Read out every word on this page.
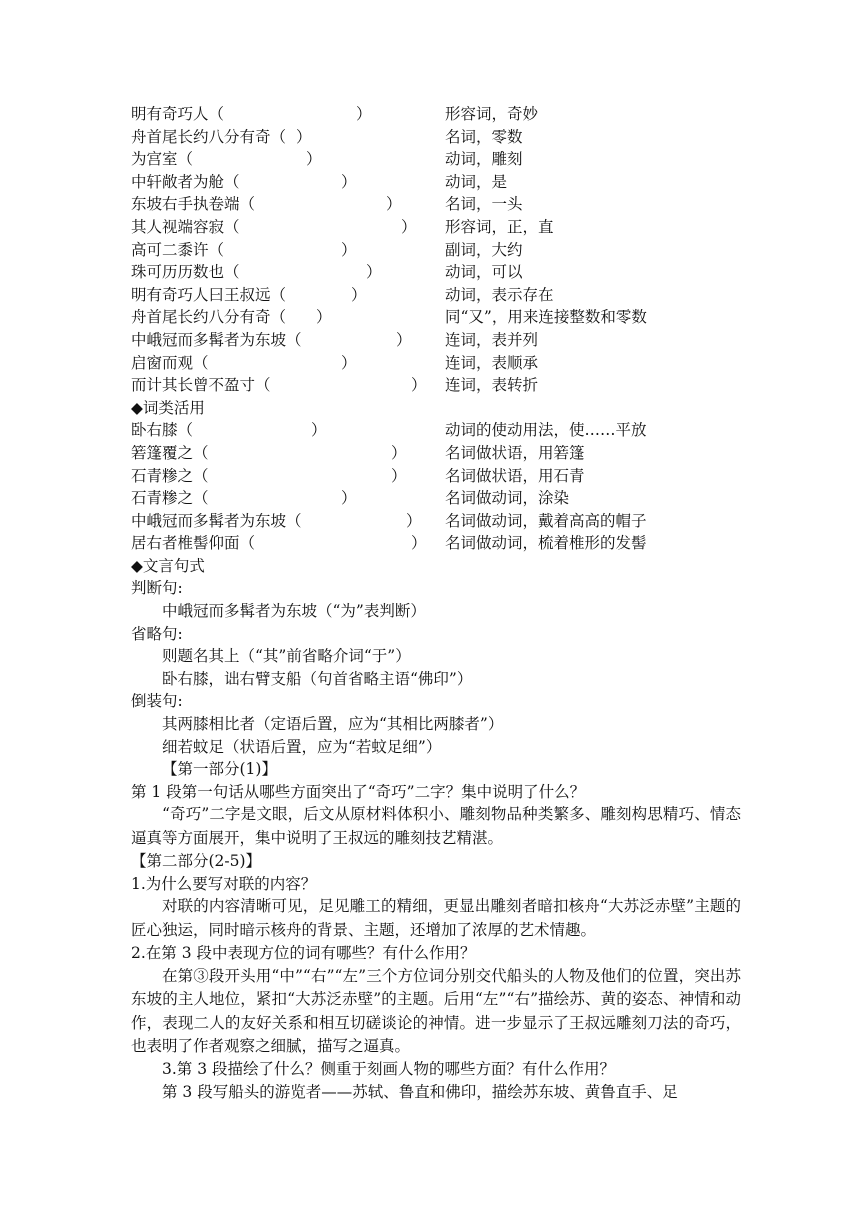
明有奇巧人（	）	形容词，奇妙
舟首尾长约八分有奇（ ）	名词，零数
为宫室（	）	动词，雕刻
中轩敞者为舱（	）	动词，是
东坡右手执卷端（	）	名词，一头
其人视端容寂（	） 形容词，正，直
高可二黍许（	）	副词，大约
珠可历历数也（	）	动词，可以
明有奇巧人曰王叔远（	）	动词，表示存在
舟首尾长约八分有奇（ ）	同“又”，用来连接整数和零数
中峨冠而多髯者为东坡（	） 连词，表并列
启窗而观（	）	连词，表顺承
而计其长曾不盈寸（	） 连词，表转折
◆词类活用
卧右膝（	）	动词的使动用法，使……平放
箬篷覆之（	） 名词做状语，用箬篷
石青糁之（	） 名词做状语，用石青
石青糁之（	）	名词做动词，涂染
中峨冠而多髯者为东坡（	） 名词做动词，戴着高高的帽子
居右者椎髻仰面（	） 名词做动词，梳着椎形的发髻
◆文言句式
判断句:
中峨冠而多髯者为东坡（“为”表判断）
省略句:
则题名其上（“其”前省略介词“于”）
卧右膝，诎右臂支船（句首省略主语“佛印”）
倒装句:
其两膝相比者（定语后置，应为“其相比两膝者”）
细若蚊足（状语后置，应为“若蚊足细”）
【第一部分(1)】
第 1 段第一句话从哪些方面突出了“奇巧”二字？集中说明了什么？
“奇巧”二字是文眼，后文从原材料体积小、雕刻物品种类繁多、雕刻构思精巧、情态逼真等方面展开，集中说明了王叔远的雕刻技艺精湛。
【第二部分(2-5)】
1.为什么要写对联的内容？
对联的内容清晰可见，足见雕工的精细，更显出雕刻者暗扣核舟“大苏泛赤壁”主题的匠心独运，同时暗示核舟的背景、主题，还增加了浓厚的艺术情趣。
2.在第 3 段中表现方位的词有哪些？有什么作用？
在第③段开头用“中”“右”“左”三个方位词分别交代船头的人物及他们的位置，突出苏东坡的主人地位，紧扣“大苏泛赤壁”的主题。后用“左”“右”描绘苏、黄的姿态、神情和动作，表现二人的友好关系和相互切磋谈论的神情。进一步显示了王叔远雕刻刀法的奇巧，也表明了作者观察之细腻，描写之逼真。
3.第 3 段描绘了什么？侧重于刻画人物的哪些方面？有什么作用？
第 3 段写船头的游览者——苏轼、鲁直和佛印，描绘苏东坡、黄鲁直手、足
